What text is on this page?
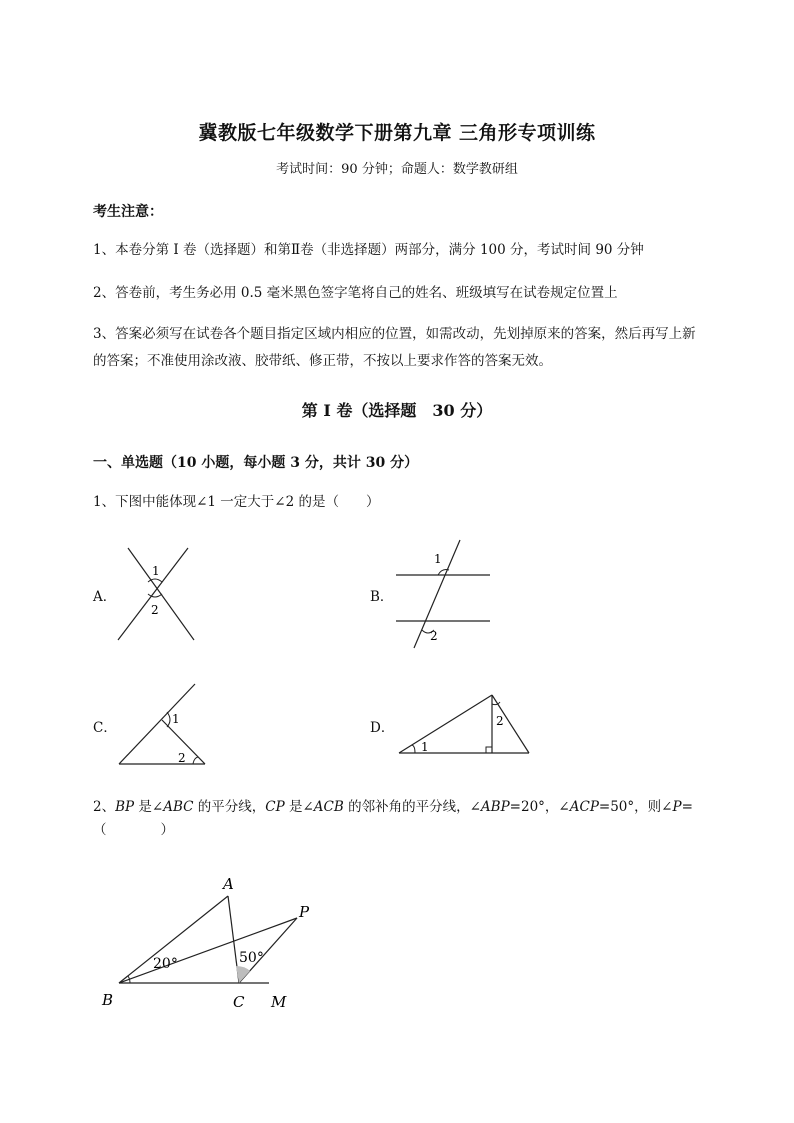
冀教版七年级数学下册第九章 三角形专项训练
考试时间：90 分钟；命题人：数学教研组
考生注意：
1、本卷分第 I 卷（选择题）和第Ⅱ卷（非选择题）两部分，满分 100 分，考试时间 90 分钟
2、答卷前，考生务必用 0.5 毫米黑色签字笔将自己的姓名、班级填写在试卷规定位置上
3、答案必须写在试卷各个题目指定区域内相应的位置，如需改动，先划掉原来的答案，然后再写上新
的答案；不准使用涂改液、胶带纸、修正带，不按以上要求作答的答案无效。
第 I 卷（选择题　30 分）
一、单选题（10 小题，每小题 3 分，共计 30 分）
1、下图中能体现∠1 一定大于∠2 的是（　　）
A．	B．
C．	D．
1
2
1
2
1
2
1
2
2、BP 是∠ABC 的平分线，CP 是∠ACB 的邻补角的平分线，∠ABP=20°，∠ACP=50°，则∠P=
（　　　　）
A
P
B	C M
20°	50°
